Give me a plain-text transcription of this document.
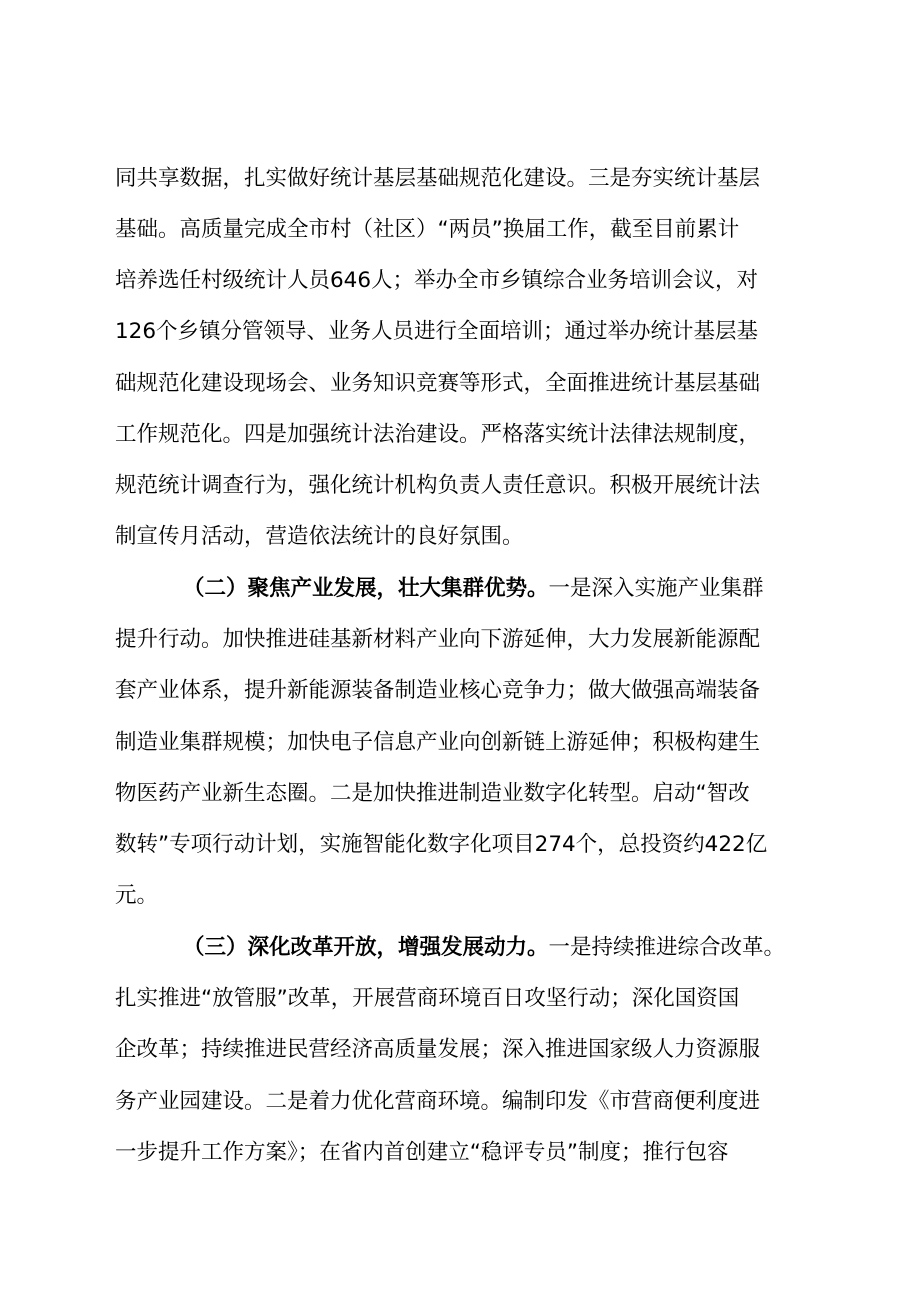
同共享数据，扎实做好统计基层基础规范化建设。三是夯实统计基层
基础。高质量完成全市村（社区）“两员”换届工作，截至目前累计
培养选任村级统计人员646人；举办全市乡镇综合业务培训会议，对
126个乡镇分管领导、业务人员进行全面培训；通过举办统计基层基
础规范化建设现场会、业务知识竞赛等形式，全面推进统计基层基础
工作规范化。四是加强统计法治建设。严格落实统计法律法规制度，
规范统计调查行为，强化统计机构负责人责任意识。积极开展统计法
制宣传月活动，营造依法统计的良好氛围。
（二）聚焦产业发展，壮大集群优势。一是深入实施产业集群
提升行动。加快推进硅基新材料产业向下游延伸，大力发展新能源配
套产业体系，提升新能源装备制造业核心竞争力；做大做强高端装备
制造业集群规模；加快电子信息产业向创新链上游延伸；积极构建生
物医药产业新生态圈。二是加快推进制造业数字化转型。启动“智改
数转”专项行动计划，实施智能化数字化项目274个，总投资约422亿
元。
（三）深化改革开放，增强发展动力。一是持续推进综合改革。
扎实推进“放管服”改革，开展营商环境百日攻坚行动；深化国资国
企改革；持续推进民营经济高质量发展；深入推进国家级人力资源服
务产业园建设。二是着力优化营商环境。编制印发《市营商便利度进
一步提升工作方案》；在省内首创建立“稳评专员”制度；推行包容
